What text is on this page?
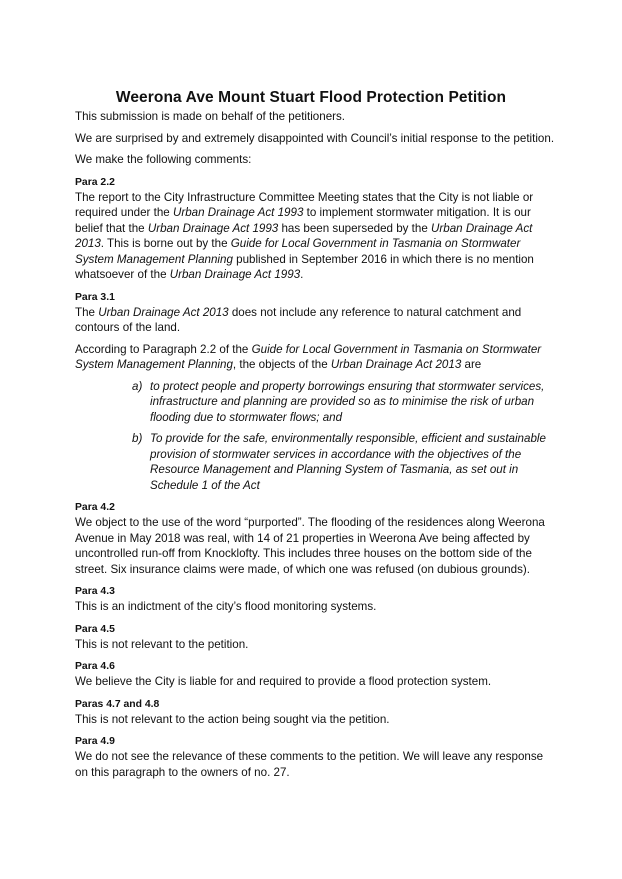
Weerona Ave Mount Stuart Flood Protection Petition

This submission is made on behalf of the petitioners.

We are surprised by and extremely disappointed with Council’s initial response to the petition.

We make the following comments:

Para 2.2

The report to the City Infrastructure Committee Meeting states that the City is not liable or required under the Urban Drainage Act 1993 to implement stormwater mitigation. It is our belief that the Urban Drainage Act 1993 has been superseded by the Urban Drainage Act 2013. This is borne out by the Guide for Local Government in Tasmania on Stormwater System Management Planning published in September 2016 in which there is no mention whatsoever of the Urban Drainage Act 1993.

Para 3.1

The Urban Drainage Act 2013 does not include any reference to natural catchment and contours of the land.

According to Paragraph 2.2 of the Guide for Local Government in Tasmania on Stormwater System Management Planning, the objects of the Urban Drainage Act 2013 are

a) to protect people and property borrowings ensuring that stormwater services, infrastructure and planning are provided so as to minimise the risk of urban flooding due to stormwater flows; and
b) To provide for the safe, environmentally responsible, efficient and sustainable provision of stormwater services in accordance with the objectives of the Resource Management and Planning System of Tasmania, as set out in Schedule 1 of the Act

Para 4.2

We object to the use of the word “purported”. The flooding of the residences along Weerona Avenue in May 2018 was real, with 14 of 21 properties in Weerona Ave being affected by uncontrolled run-off from Knocklofty. This includes three houses on the bottom side of the street. Six insurance claims were made, of which one was refused (on dubious grounds).

Para 4.3

This is an indictment of the city’s flood monitoring systems.

Para 4.5

This is not relevant to the petition.

Para 4.6

We believe the City is liable for and required to provide a flood protection system.

Paras 4.7 and 4.8

This is not relevant to the action being sought via the petition.

Para 4.9

We do not see the relevance of these comments to the petition. We will leave any response on this paragraph to the owners of no. 27.
